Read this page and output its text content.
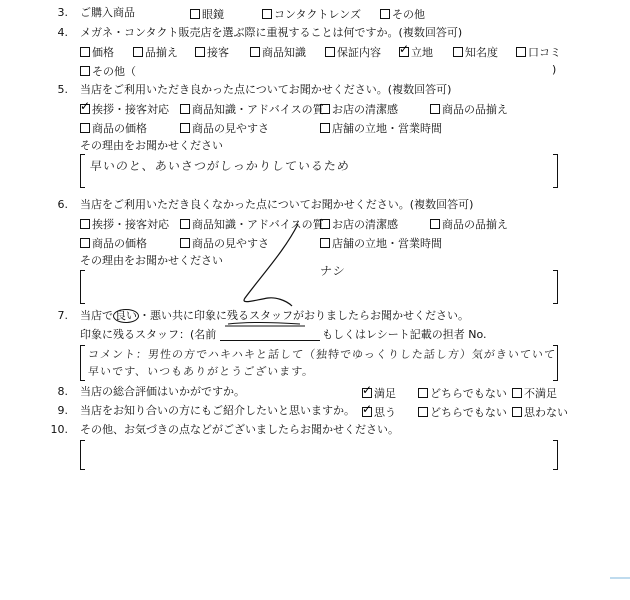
3. ご購入商品	眼鏡	コンタクトレンズ	その他
4. メガネ・コンタクト販売店を選ぶ際に重視することは何ですか。(複数回答可)
価格	品揃え	接客	商品知識	保証内容 ✓	立地	知名度	口コミ
その他（	)
5. 当店をご利用いただき良かった点についてお聞かせください。(複数回答可)
✓
挨拶・接客対応 商品知識・アドバイスの質 お店の清潔感	商品の品揃え
商品の価格	商品の見やすさ	店舗の立地・営業時間
その理由をお聞かせください
早いのと、あいさつがしっかりしているため
6. 当店をご利用いただき良くなかった点についてお聞かせください。(複数回答可)
挨拶・接客対応 商品知識・アドバイスの質 お店の清潔感	商品の品揃え
商品の価格	商品の見やすさ	店舗の立地・営業時間
その理由をお聞かせください
ナシ
7. 当店で 良い ・悪い共に印象に残るスタッフがおりましたらお聞かせください。
印象に残るスタッフ：(名前	もしくはレシート記載の担者 No.
コメント：男性の方でハキハキと話して（独特でゆっくりした話し方）気がきいていて
早いです、いつもありがとうございます。
8. 当店の総合評価はいかがですか。 ✓	満足	どちらでもない 不満足
9. 当店をお知り合いの方にもご紹介したいと思いますか。 ✓ 思う	どちらでもない 思わない
10. その他、お気づきの点などがございましたらお聞かせください。
